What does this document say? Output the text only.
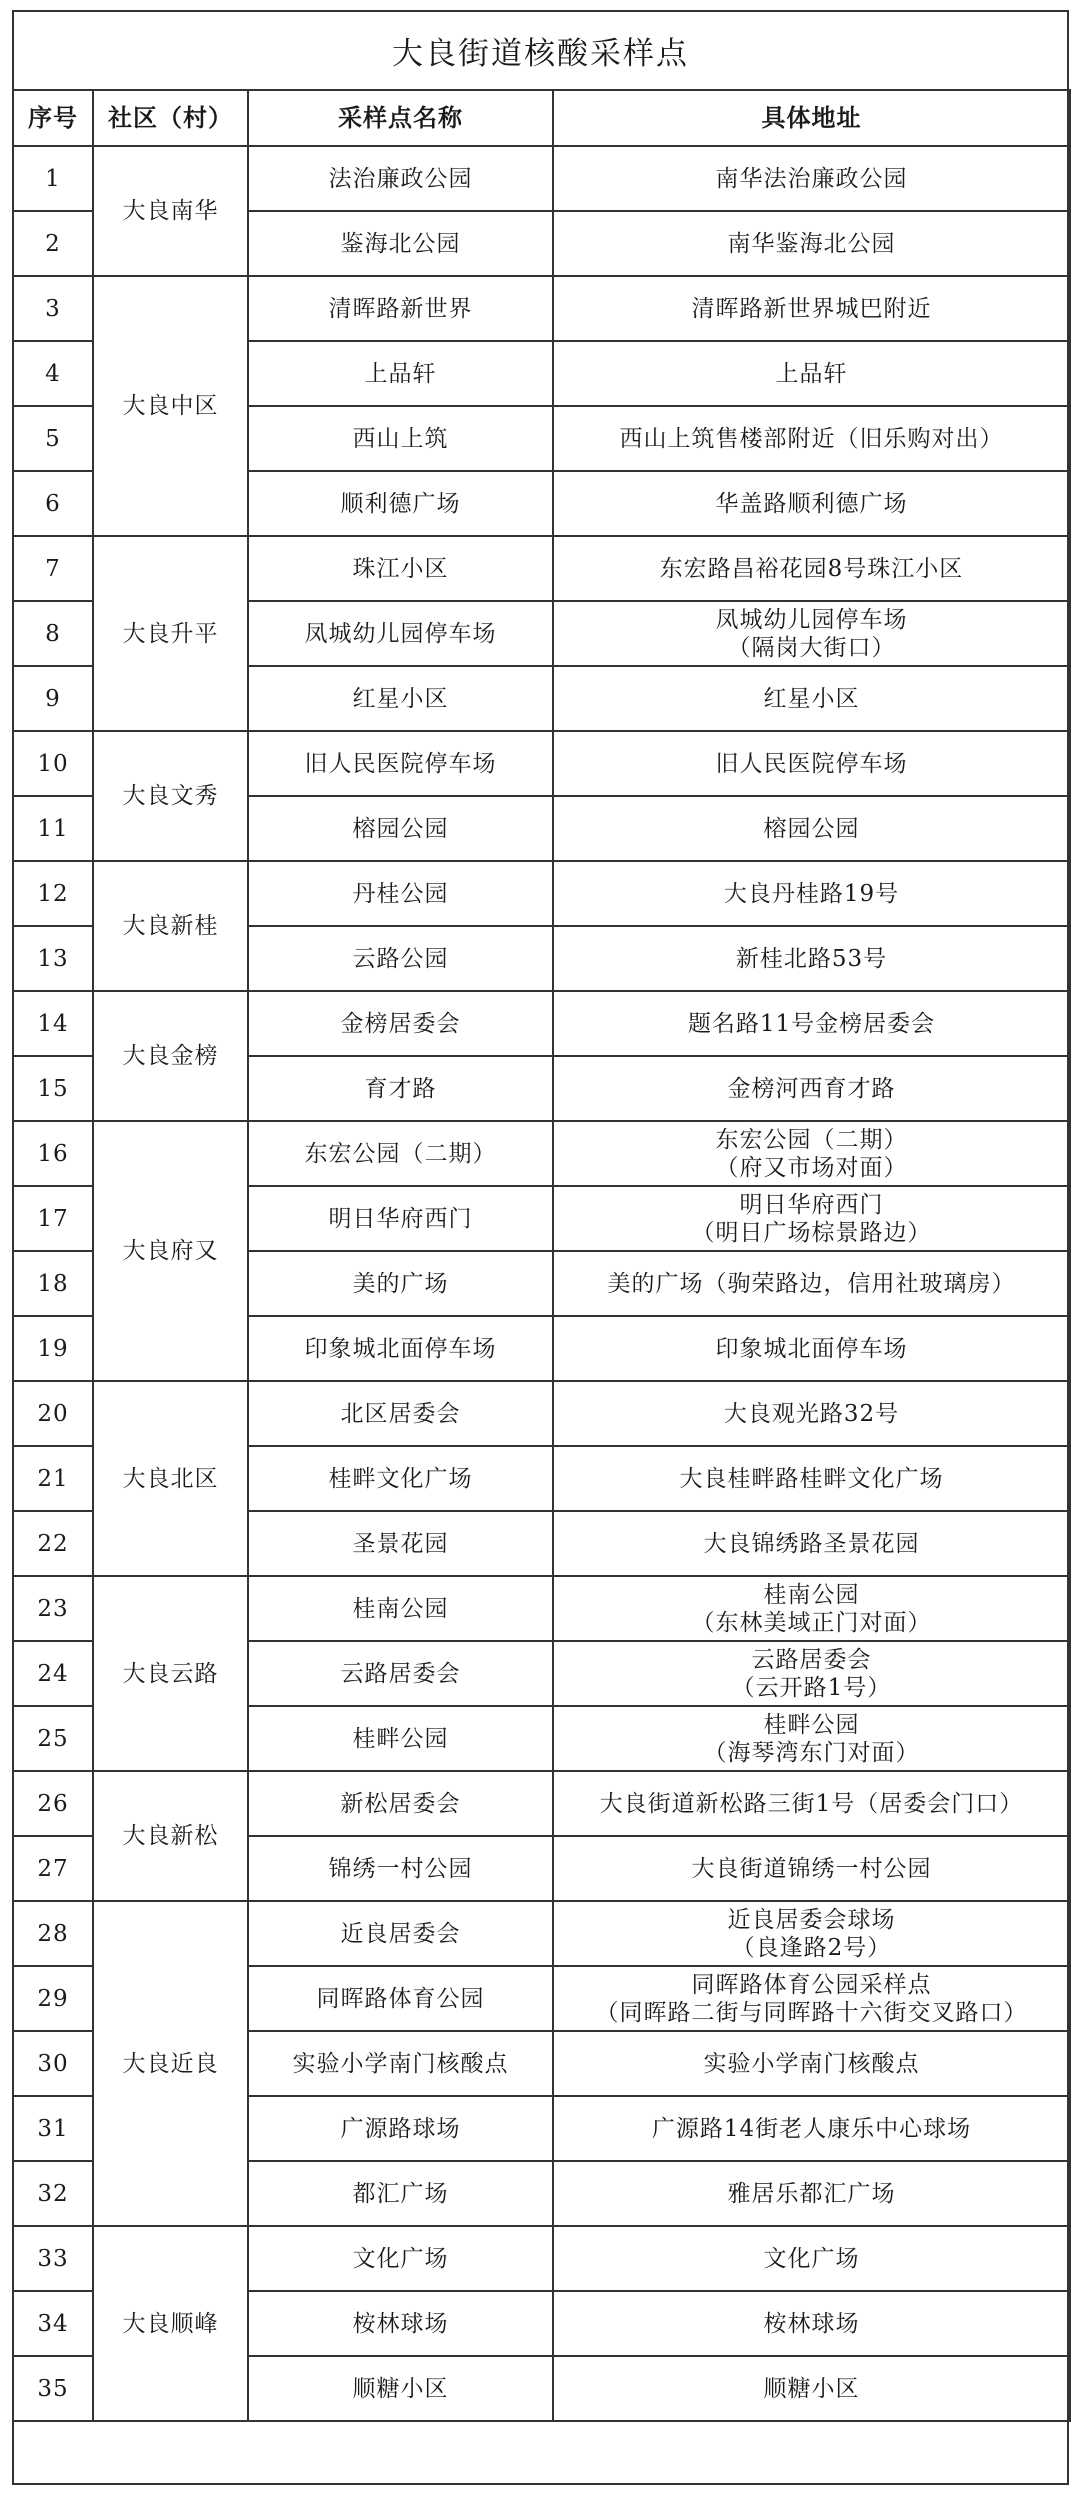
大良街道核酸采样点
序号	社区（村）	采样点名称	具体地址
1	大良南华	法治廉政公园	南华法治廉政公园

2		鉴海北公园	南华鉴海北公园

3	大良中区	清晖路新世界	清晖路新世界城巴附近

4		上品轩	上品轩

5		西山上筑	西山上筑售楼部附近（旧乐购对出）

6		顺利德广场	华盖路顺利德广场

7	大良升平	珠江小区	东宏路昌裕花园8号珠江小区

8		凤城幼儿园停车场	凤城幼儿园停车场
（隔岗大街口）

9		红星小区	红星小区

10	大良文秀	旧人民医院停车场	旧人民医院停车场

11		榕园公园	榕园公园

12	大良新桂	丹桂公园	大良丹桂路19号

13		云路公园	新桂北路53号

14	大良金榜	金榜居委会	题名路11号金榜居委会

15		育才路	金榜河西育才路

16	大良府又	东宏公园（二期）	东宏公园（二期）
（府又市场对面）

17		明日华府西门	明日华府西门
（明日广场棕景路边）

18		美的广场	美的广场（驹荣路边，信用社玻璃房）

19		印象城北面停车场	印象城北面停车场

20	大良北区	北区居委会	大良观光路32号

21		桂畔文化广场	大良桂畔路桂畔文化广场

22		圣景花园	大良锦绣路圣景花园

23	大良云路	桂南公园	桂南公园
（东林美域正门对面）

24		云路居委会	云路居委会
（云开路1号）

25		桂畔公园	桂畔公园
（海琴湾东门对面）

26	大良新松	新松居委会	大良街道新松路三街1号（居委会门口）

27		锦绣一村公园	大良街道锦绣一村公园

28	大良近良	近良居委会	近良居委会球场
（良逢路2号）

29		同晖路体育公园	同晖路体育公园采样点
（同晖路二街与同晖路十六街交叉路口）

30		实验小学南门核酸点	实验小学南门核酸点

31		广源路球场	广源路14街老人康乐中心球场

32		都汇广场	雅居乐都汇广场

33	大良顺峰	文化广场	文化广场

34		桉林球场	桉林球场

35		顺糖小区	顺糖小区
